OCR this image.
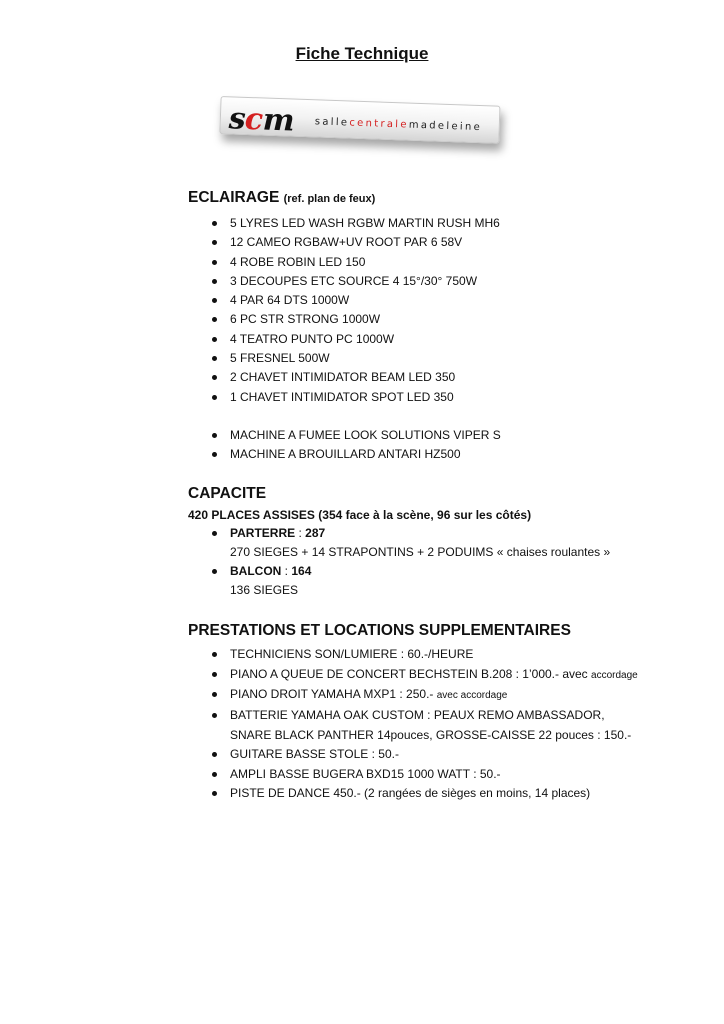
Fiche Technique
s
c
m sallecentralemadeleine
ECLAIRAGE (ref. plan de feux)
5 LYRES LED WASH RGBW MARTIN RUSH MH6
12 CAMEO RGBAW+UV ROOT PAR 6 58V
4 ROBE ROBIN LED 150
3 DECOUPES ETC SOURCE 4 15°/30° 750W
4 PAR 64 DTS 1000W
6 PC STR STRONG 1000W
4 TEATRO PUNTO PC 1000W
5 FRESNEL 500W
2 CHAVET INTIMIDATOR BEAM LED 350
1 CHAVET INTIMIDATOR SPOT LED 350
MACHINE A FUMEE LOOK SOLUTIONS VIPER S
MACHINE A BROUILLARD ANTARI HZ500
CAPACITE
420 PLACES ASSISES (354 face à la scène, 96 sur les côtés)
PARTERRE : 287
270 SIEGES + 14 STRAPONTINS + 2 PODUIMS « chaises roulantes »
BALCON : 164
136 SIEGES
PRESTATIONS ET LOCATIONS SUPPLEMENTAIRES
TECHNICIENS SON/LUMIERE : 60.-/HEURE
PIANO A QUEUE DE CONCERT BECHSTEIN B.208 : 1’000.- avec accordage
PIANO DROIT YAMAHA MXP1 : 250.- avec accordage
BATTERIE YAMAHA OAK CUSTOM : PEAUX REMO AMBASSADOR,
SNARE BLACK PANTHER 14pouces, GROSSE-CAISSE 22 pouces : 150.-
GUITARE BASSE STOLE : 50.-
AMPLI BASSE BUGERA BXD15 1000 WATT : 50.-
PISTE DE DANCE 450.- (2 rangées de sièges en moins, 14 places)
